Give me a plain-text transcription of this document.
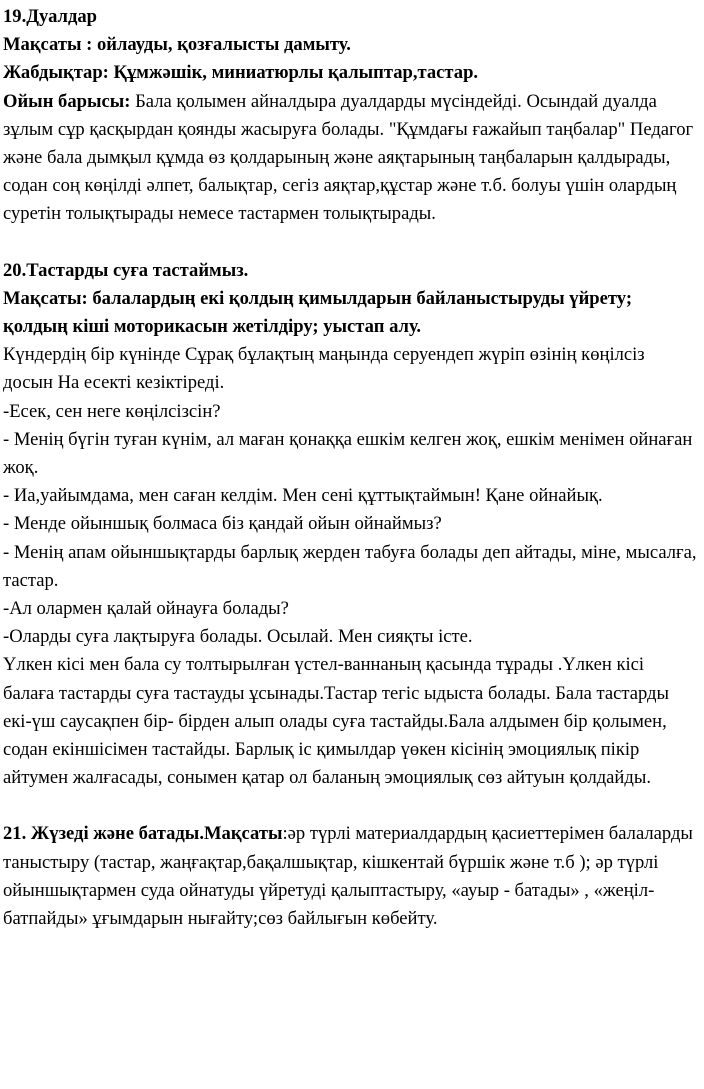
19.Дуалдар

Мақсаты : ойлауды, қозғалысты дамыту.

Жабдықтар: Құмжәшік, миниатюрлы қалыптар,тастар.

Ойын барысы: Бала қолымен айналдыра дуалдарды мүсіндейді. Осындай дуалда зұлым сұр қасқырдан қоянды жасыруға болады. "Құмдағы ғажайып таңбалар" Педагог және бала дымқыл құмда өз қолдарының және аяқтарының таңбаларын қалдырады, содан соң көңілді әлпет, балықтар, сегіз аяқтар,құстар және т.б. болуы үшін олардың суретін толықтырады немесе тастармен толықтырады.

20.Тастарды суға тастаймыз.

Мақсаты: балалардың екі қолдың қимылдарын байланыстыруды үйрету; қолдың кіші моторикасын жетілдіру; уыстап алу.

Күндердің бір күнінде Сұрақ бұлақтың маңында серуендеп жүріп өзінің көңілсіз досын На есекті кезіктіреді.

-Есек, сен неге көңілсізсін?

- Менің бүгін туған күнім, ал маған қонаққа ешкім келген жоқ, ешкім менімен ойнаған жоқ.

- Иа,уайымдама, мен саған келдім. Мен сені құттықтаймын! Қане ойнайық.

- Менде ойыншық болмаса біз қандай ойын ойнаймыз?

- Менің апам ойыншықтарды барлық жерден табуға болады деп айтады, міне, мысалға, тастар.

-Ал олармен қалай ойнауға болады?

-Оларды суға лақтыруға болады. Осылай. Мен сияқты істе.

Үлкен кісі мен бала су толтырылған үстел-ваннаның қасында тұрады .Үлкен кісі балаға тастарды суға тастауды ұсынады.Тастар тегіс ыдыста болады. Бала тастарды екі-үш саусақпен бір- бірден алып олады суға тастайды.Бала алдымен бір қолымен, содан екіншісімен тастайды. Барлық іс қимылдар үөкен кісінің эмоциялық пікір айтумен жалғасады, сонымен қатар ол баланың эмоциялық сөз айтуын қолдайды.

21. Жүзеді және батады.Мақсаты:әр түрлі материалдардың қасиеттерімен балаларды таныстыру (тастар, жаңғақтар,бақалшықтар, кішкентай бүршік және т.б ); әр түрлі ойыншықтармен суда ойнатуды үйретуді қалыптастыру, «ауыр - батады» , «жеңіл- батпайды» ұғымдарын нығайту;сөз байлығын көбейту.
